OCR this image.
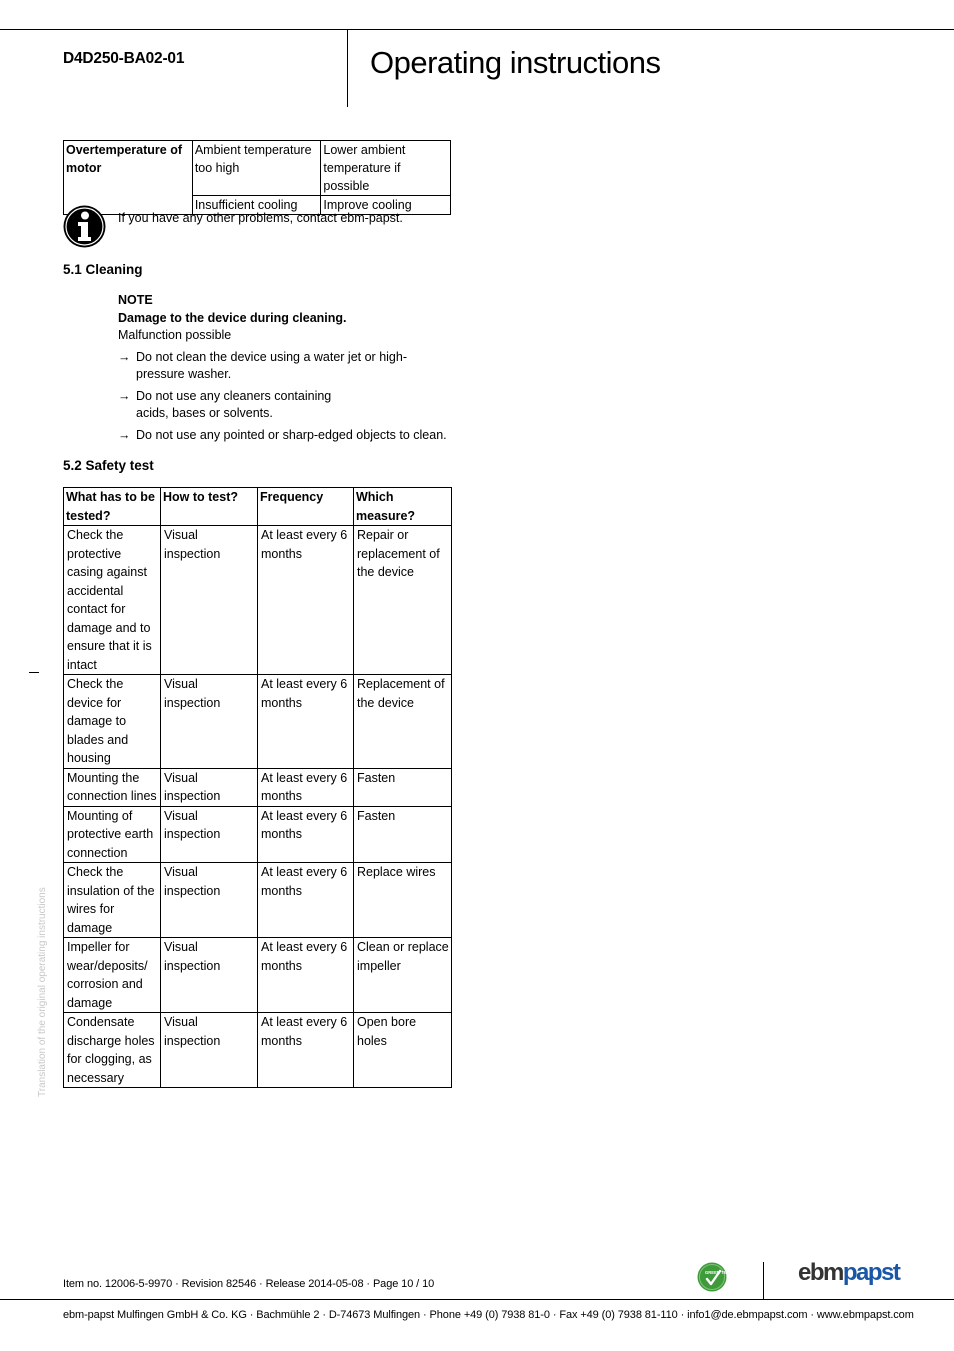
D4D250-BA02-01	Operating instructions
Overtemperature of motor	Ambient temperature too high	Lower ambient temperature if possible
	Insufficient cooling	Improve cooling
If you have any other problems, contact ebm-papst.
5.1 Cleaning
NOTE
Damage to the device during cleaning.
Malfunction possible
→ Do not clean the device using a water jet or high-pressure washer.
→ Do not use any cleaners containing acids, bases or solvents.
→ Do not use any pointed or sharp-edged objects to clean.
5.2 Safety test
What has to be tested?	How to test?	Frequency	Which measure?
Check the protective casing against accidental contact for damage and to ensure that it is intact	Visual inspection	At least every 6 months	Repair or replacement of the device
Check the device for damage to blades and housing	Visual inspection	At least every 6 months	Replacement of the device
Mounting the connection lines	Visual inspection	At least every 6 months	Fasten
Mounting of protective earth connection	Visual inspection	At least every 6 months	Fasten
Check the insulation of the wires for damage	Visual inspection	At least every 6 months	Replace wires
Impeller for wear/deposits/ corrosion and damage	Visual inspection	At least every 6 months	Clean or replace impeller
Condensate discharge holes for clogging, as necessary	Visual inspection	At least every 6 months	Open bore holes
Translation of the original operating instructions
Item no. 12006-5-9970 · Revision 82546 · Release 2014-05-08 · Page 10 / 10
GREEN TECH	ebmpapst
ebm-papst Mulfingen GmbH & Co. KG · Bachmühle 2 · D-74673 Mulfingen · Phone +49 (0) 7938 81-0 · Fax +49 (0) 7938 81-110 · info1@de.ebmpapst.com · www.ebmpapst.com
